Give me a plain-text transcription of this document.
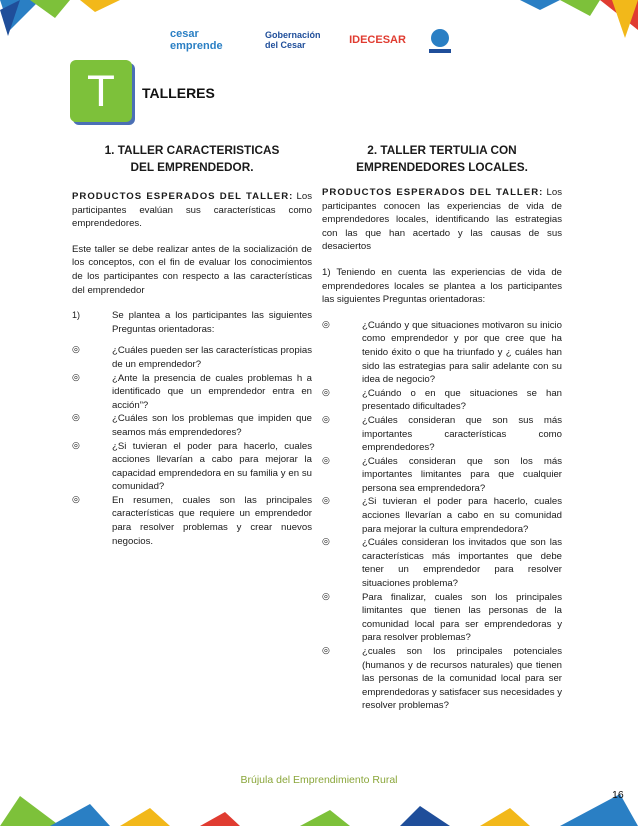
cesar emprende
Gobernación del Cesar	IDECESAR
T TALLERES
1. TALLER CARACTERISTICAS DEL EMPRENDEDOR.

PRODUCTOS ESPERADOS DEL TALLER: Los participantes evalúan sus características como emprendedores.

Este taller se debe realizar antes de la socialización de los conceptos, con el fin de evaluar los conocimientos de los participantes con respecto a las características del emprendedor

1)	Se plantea a los participantes las siguientes Preguntas orientadoras:
◎	¿Cuáles pueden ser las características propias de un emprendedor?
◎	¿Ante la presencia de cuales problemas h a identificado que un emprendedor entra en acción”?
◎	¿Cuáles son los problemas que impiden que seamos más emprendedores?
◎	¿Si tuvieran el poder para hacerlo, cuales acciones llevarían a cabo para mejorar la capacidad emprendedora en su familia y en su comunidad?
◎	En resumen, cuales son las principales características que requiere un emprendedor para resolver problemas y crear nuevos negocios.
2. TALLER TERTULIA CON EMPRENDEDORES LOCALES.

PRODUCTOS ESPERADOS DEL TALLER: Los participantes conocen las experiencias de vida de emprendedores locales, identificando las estrategias con las que han acertado y las causas de sus desaciertos

1) Teniendo en cuenta las experiencias de vida de emprendedores locales se plantea a los participantes las siguientes Preguntas orientadoras:

◎	¿Cuándo y que situaciones motivaron su inicio como emprendedor y por que cree que ha tenido éxito o que ha triunfado y ¿ cuáles han sido las estrategias para salir adelante con su idea de negocio?
◎	¿Cuándo o en que situaciones se han presentado dificultades?
◎	¿Cuáles consideran que son sus más importantes características como emprendedores?
◎	¿Cuáles consideran que son los más importantes limitantes para que cualquier persona sea emprendedora?
◎	¿Si tuvieran el poder para hacerlo, cuales acciones llevarían a cabo en su comunidad para mejorar la cultura emprendedora?
◎	¿Cuáles consideran los invitados que son las características más importantes que debe tener un emprendedor para resolver situaciones problema?
◎	Para finalizar, cuales son los principales limitantes que tienen las personas de la comunidad local para ser emprendedoras y para resolver problemas?
◎	¿cuales son los principales potenciales (humanos y de recursos naturales) que tienen las personas de la comunidad local para ser emprendedoras y satisfacer sus necesidades y resolver problemas?
Brújula del Emprendimiento Rural
16
